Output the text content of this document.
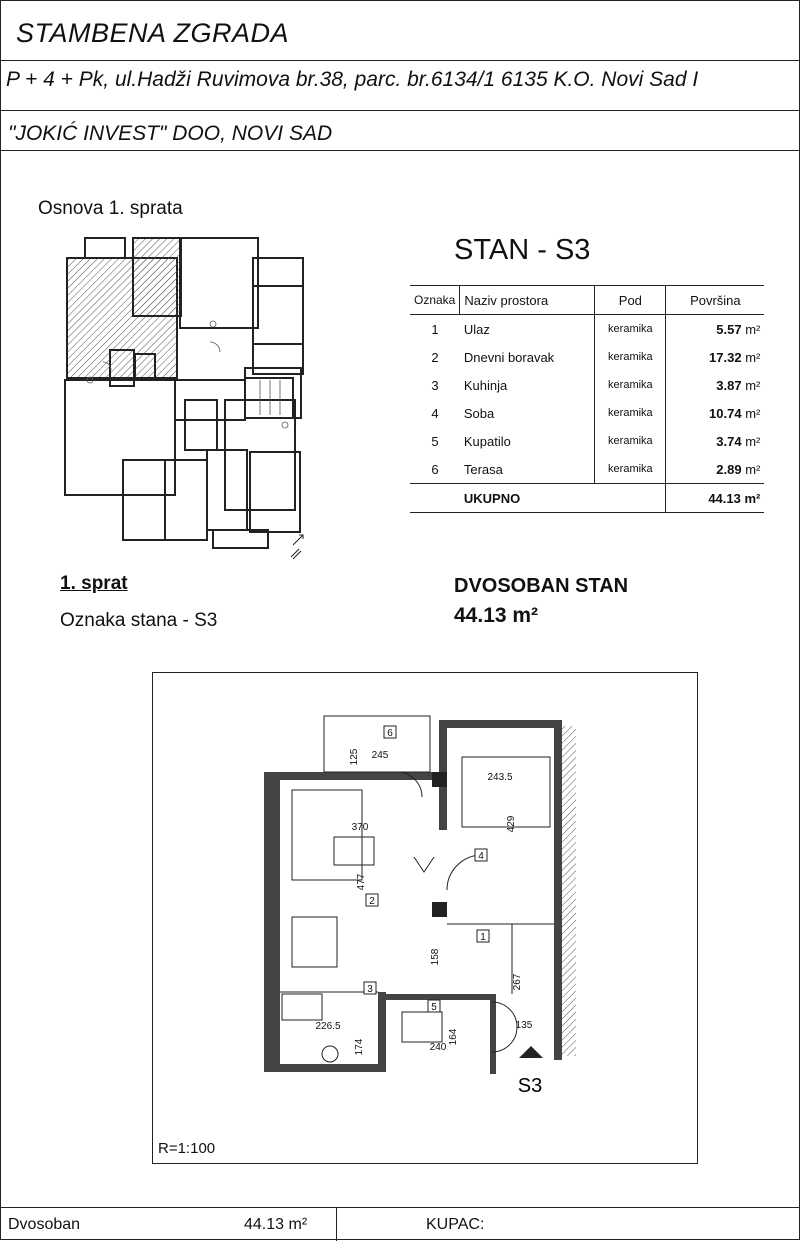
STAMBENA ZGRADA
P + 4 + Pk, ul.Hadži Ruvimova br.38, parc. br.6134/1 6135 K.O. Novi Sad I
"JOKIĆ INVEST" DOO, NOVI SAD
Osnova 1. sprata
STAN - S3
Oznaka	Naziv prostora	Pod	Površina
1	Ulaz	keramika	5.57 m²
2	Dnevni boravak	keramika	17.32 m²
3	Kuhinja	keramika	3.87 m²
4	Soba	keramika	10.74 m²
5	Kupatilo	keramika	3.74 m²
6	Terasa	keramika	2.89 m²
	UKUPNO		44.13 m²
1. sprat
Oznaka stana - S3
DVOSOBAN STAN
44.13 m²
2
4
3
1
5
6
125 245
370
477
243.5
429
158
267
226.5
174	240
164
135
S3
R=1:100
Dvosoban	44.13 m²	KUPAC:
